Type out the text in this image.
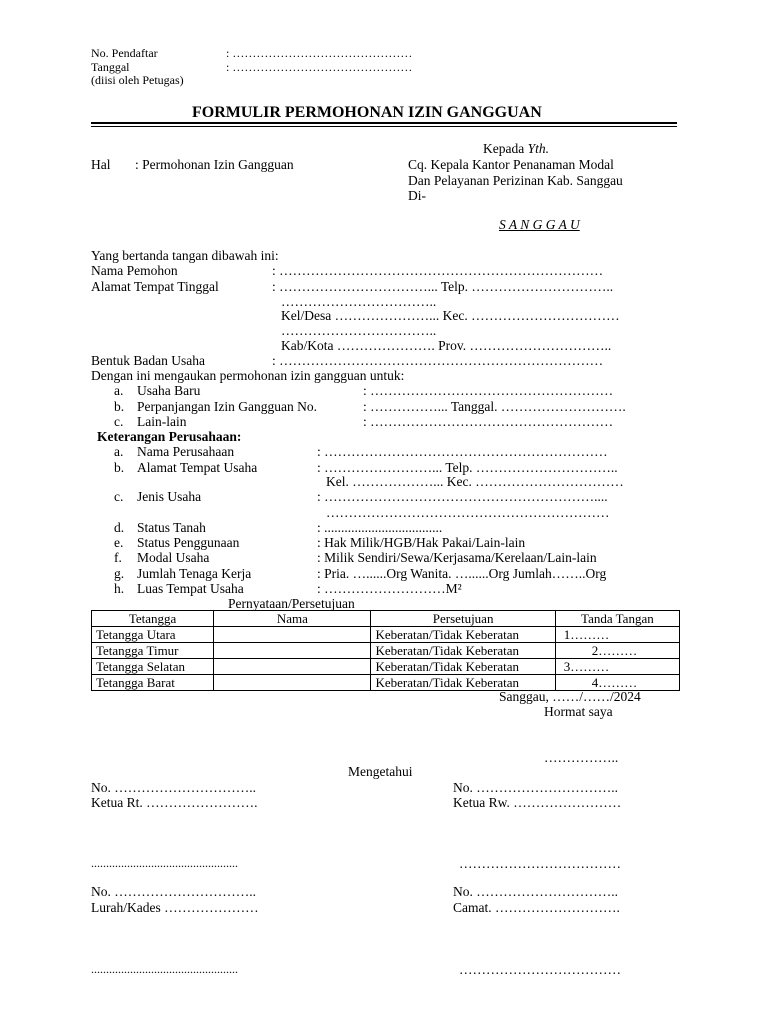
No. Pendaftar	: ………………………………………
Tanggal	: ………………………………………
(diisi oleh Petugas)
FORMULIR PERMOHONAN IZIN GANGGUAN
Kepada Yth.
Hal : Permohonan Izin Gangguan	Cq. Kepala Kantor Penanaman Modal
Dan Pelayanan Perizinan Kab. Sanggau
Di-
S A N G G A U
Yang bertanda tangan dibawah ini:
Nama Pemohon	: ………………………………………………………………
Alamat Tempat Tinggal	: ……………………………... Telp. …………………………..
……………………………..
Kel/Desa …………………... Kec. ……………………………
……………………………..
Kab/Kota …………………. Prov. …………………………..
Bentuk Badan Usaha	: ………………………………………………………………
Dengan ini mengaukan permohonan izin gangguan untuk:
a. Usaha Baru	: ………………………………………………
b. Perpanjangan Izin Gangguan No.	: ……………... Tanggal. ……………………….
c. Lain-lain	: ………………………………………………
Keterangan Perusahaan:
a. Nama Perusahaan	: ………………………………………………………
b. Alamat Tempat Usaha	: ……………………... Telp. …………………………..
Kel. ………………... Kec. ……………………………
c. Jenis Usaha	: ……………………………………………………....
………………………………………………………
d. Status Tanah	: ...................................
e. Status Penggunaan	: Hak Milik/HGB/Hak Pakai/Lain-lain
f. Modal Usaha	: Milik Sendiri/Sewa/Kerjasama/Kerelaan/Lain-lain
g. Jumlah Tenaga Kerja	: Pria. …......Org Wanita. …......Org Jumlah……..Org
h. Luas Tempat Usaha	: ………………………M²
Pernyataan/Persetujuan
Tetangga	Nama	Persetujuan	Tanda Tangan
Tetangga Utara		Keberatan/Tidak Keberatan	1………
Tetangga Timur		Keberatan/Tidak Keberatan	2………
Tetangga Selatan		Keberatan/Tidak Keberatan	3………
Tetangga Barat		Keberatan/Tidak Keberatan	4………
Sanggau, ……/……/2024
Hormat saya
……………..
Mengetahui
No. …………………………..
Ketua Rt. …………………….
No. …………………………..
Ketua Rw. ……………………
.................................................	………………………………
No. …………………………..
Lurah/Kades …………………
No. …………………………..
Camat. ……………………….
.................................................	………………………………
